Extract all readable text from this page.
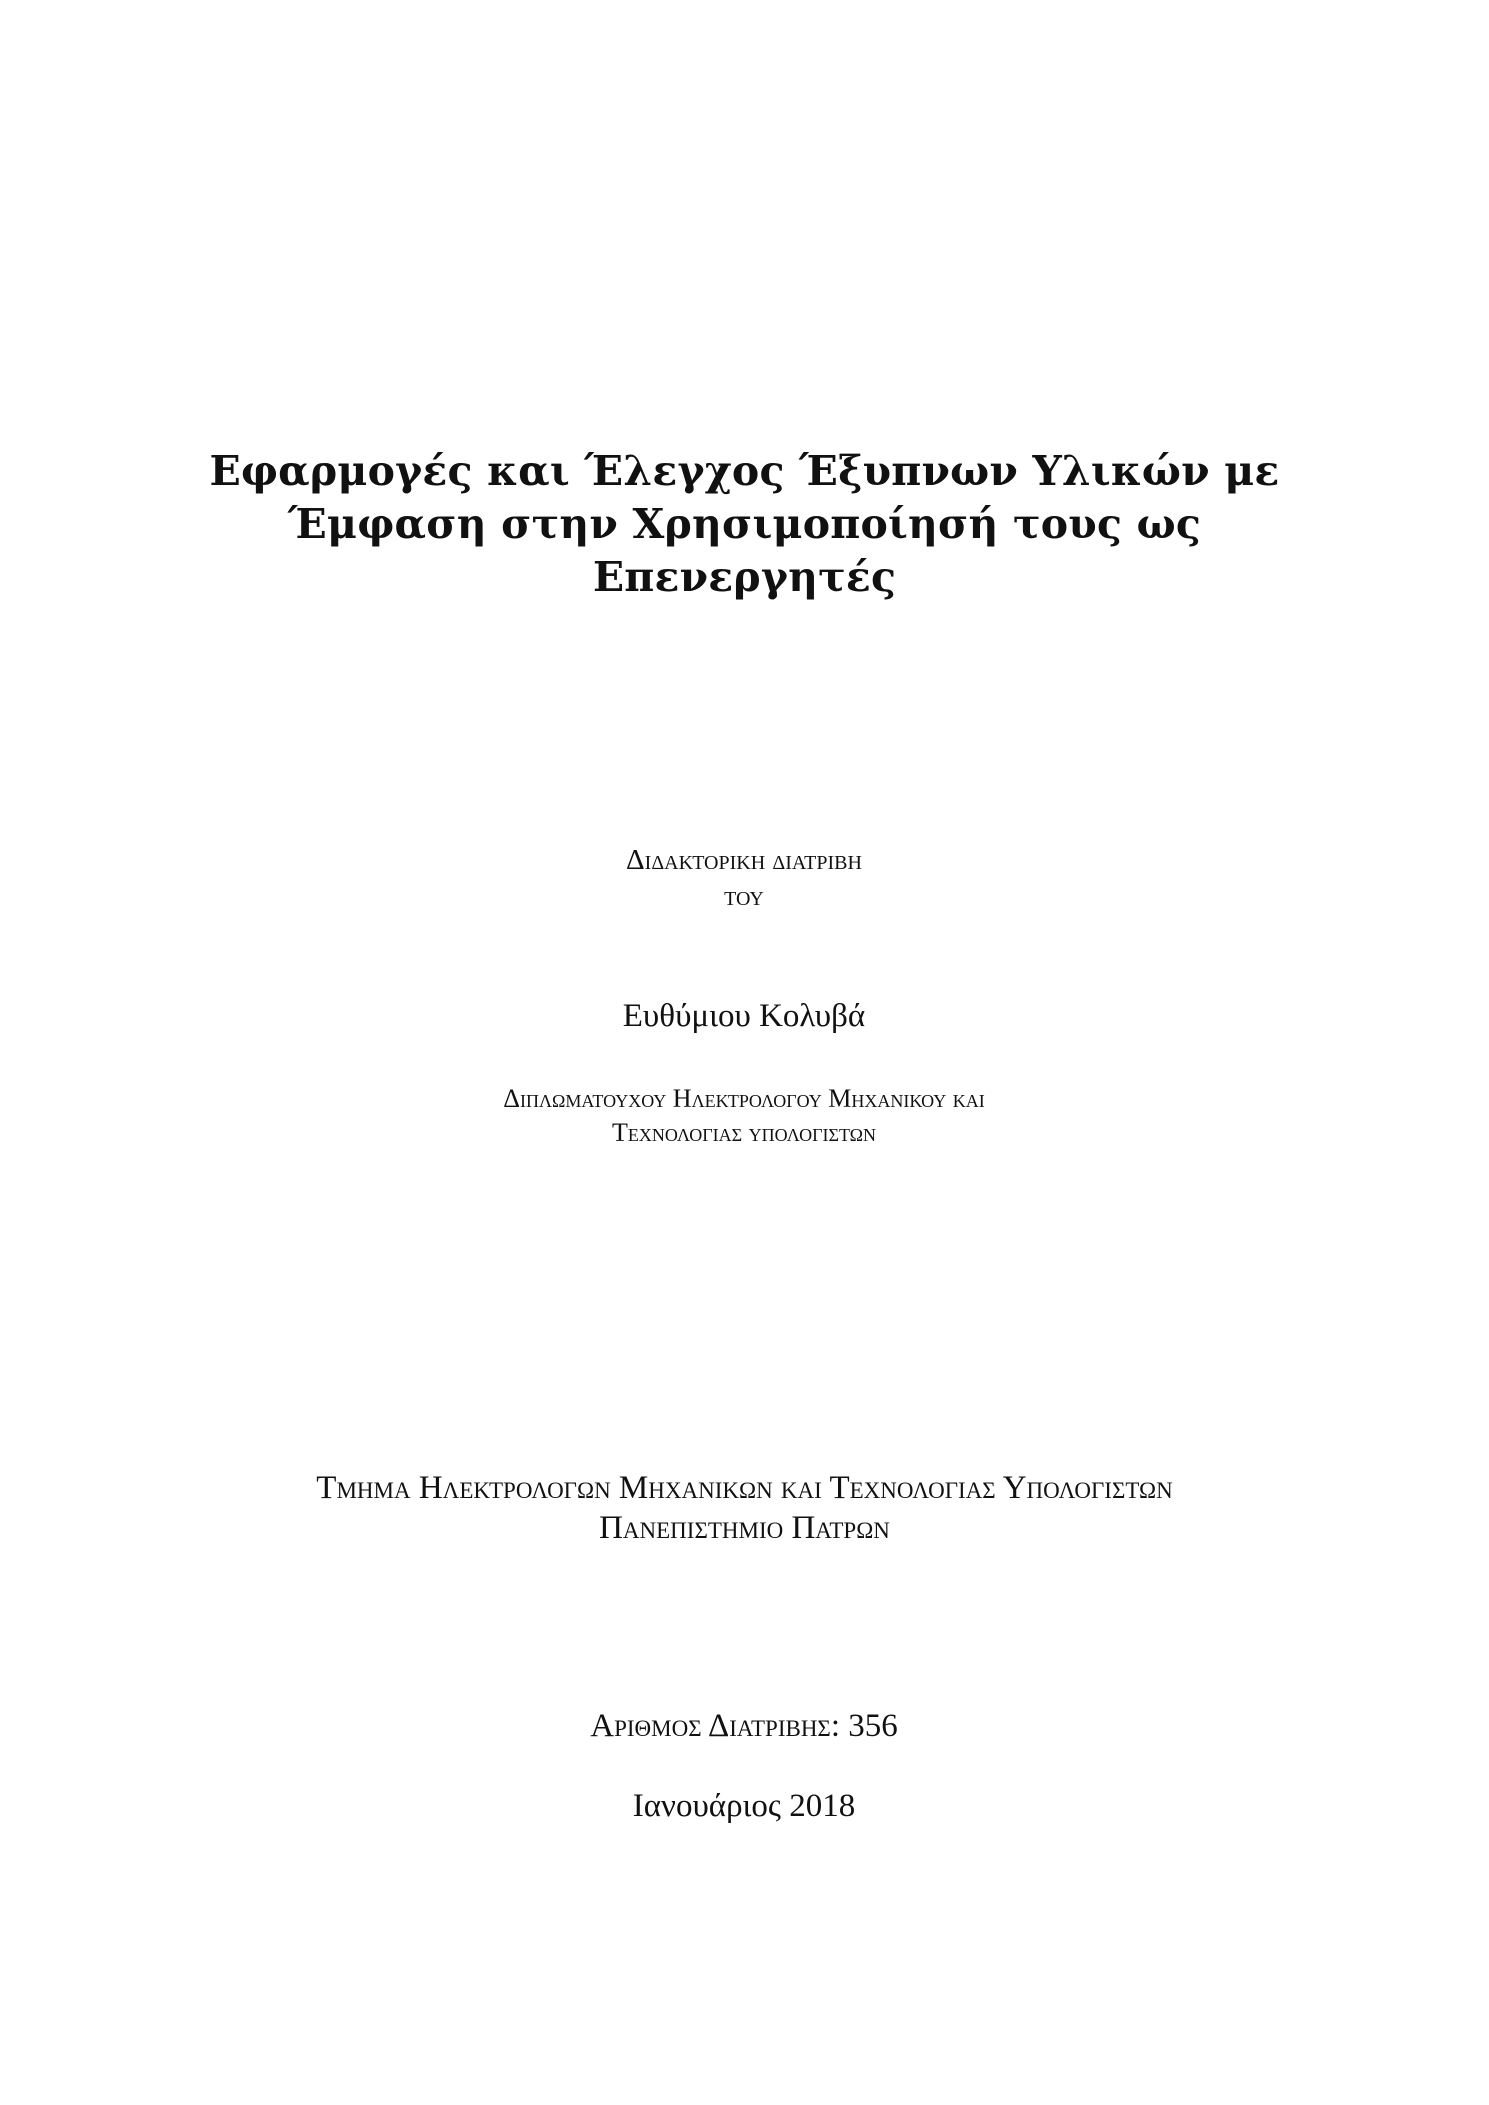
Εφαρμογές και Έλεγχος Έξυπνων Υλικών με
Έμφαση στην Χρησιμοποίησή τους ως
Επενεργητές
Διδακτορικη διατριβη
του
Ευθύμιου Κολυβά
Διπλωματουχου Ηλεκτρολογου Μηχανικου και
Τεχνολογιας υπολογιστων
Τμημα Ηλεκτρολογων Μηχανικων και Τεχνολογιας Υπολογιστων
Πανεπιστημιο Πατρων
Αριθμος Διατριβης: 356
Ιανουάριος 2018
